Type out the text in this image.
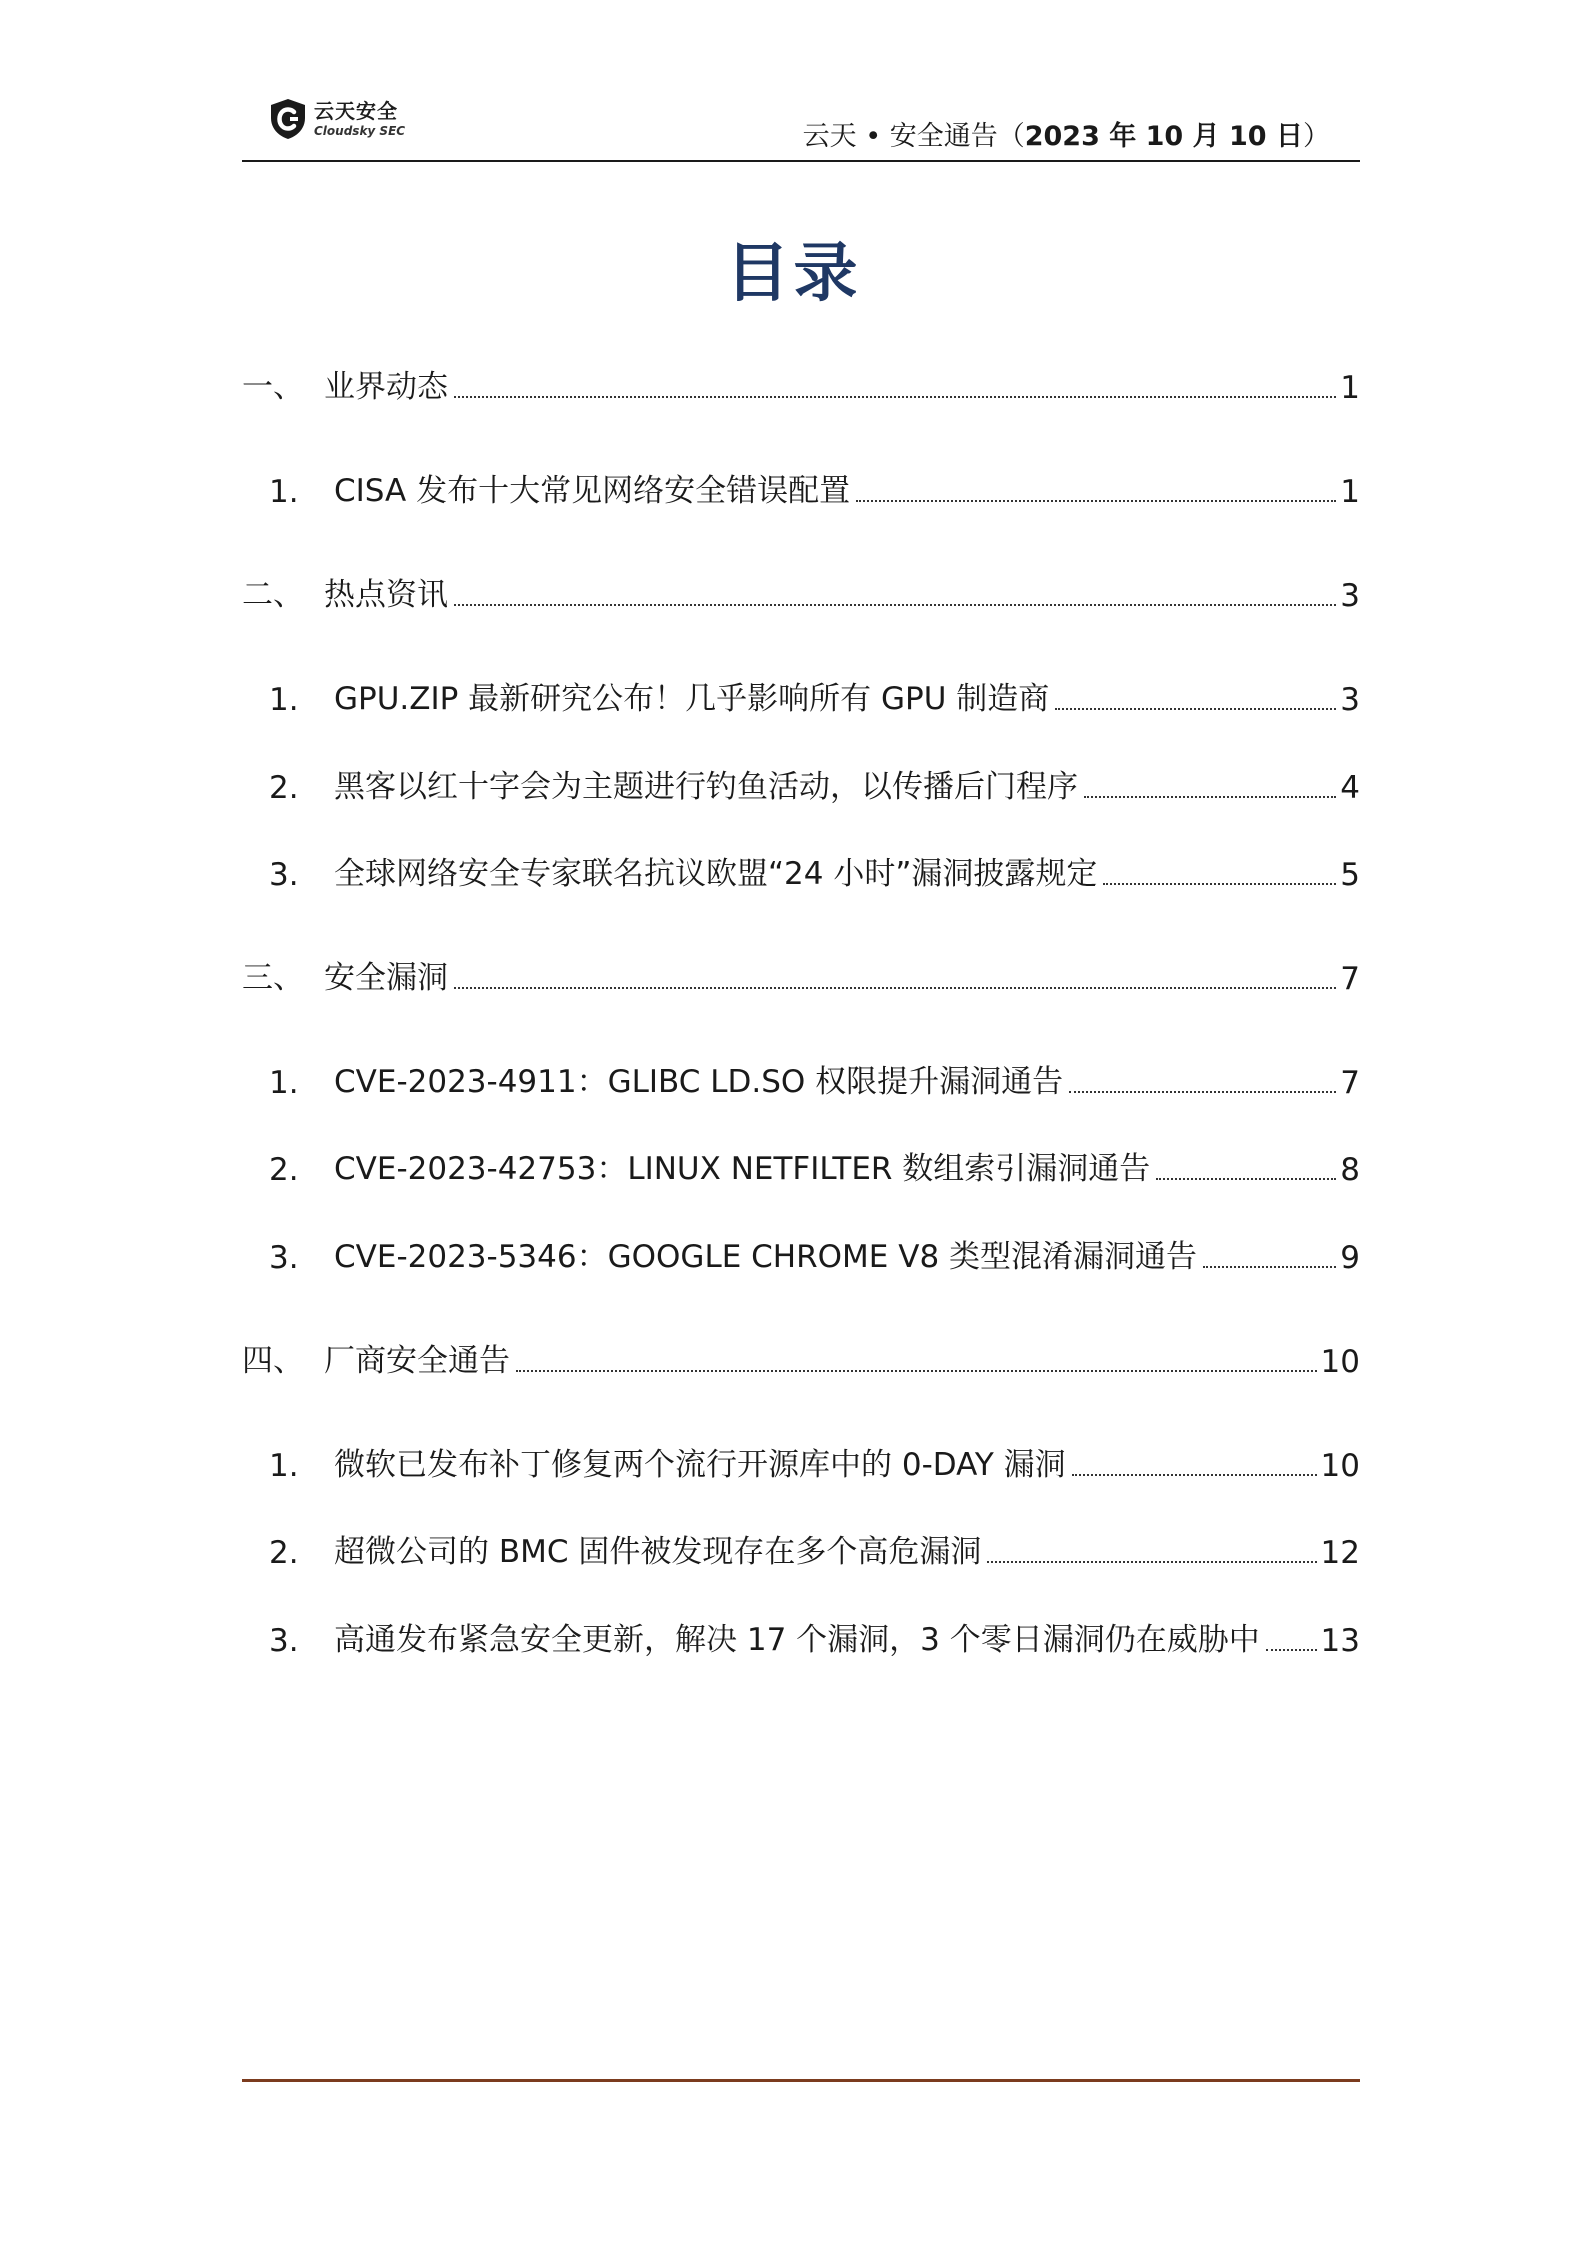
云天安全
Cloudsky SEC	云天 • 安全通告（2023 年 10 月 10 日）
目录
一、 业界动态	1
1.	CISA 发布十大常见网络安全错误配置	1
二、 热点资讯	3
1.	GPU.ZIP 最新研究公布！几乎影响所有 GPU 制造商	3
2.	黑客以红十字会为主题进行钓鱼活动，以传播后门程序	4
3.	全球网络安全专家联名抗议欧盟“24 小时”漏洞披露规定	5
三、 安全漏洞	7
1.	CVE-2023-4911：GLIBC LD.SO 权限提升漏洞通告	7
2.	CVE-2023-42753：LINUX NETFILTER 数组索引漏洞通告	8
3.	CVE-2023-5346：GOOGLE CHROME V8 类型混淆漏洞通告	9
四、 厂商安全通告	10
1.	微软已发布补丁修复两个流行开源库中的 0-DAY 漏洞	10
2.	超微公司的 BMC 固件被发现存在多个高危漏洞	12
3.	高通发布紧急安全更新，解决 17 个漏洞，3 个零日漏洞仍在威胁中 13
